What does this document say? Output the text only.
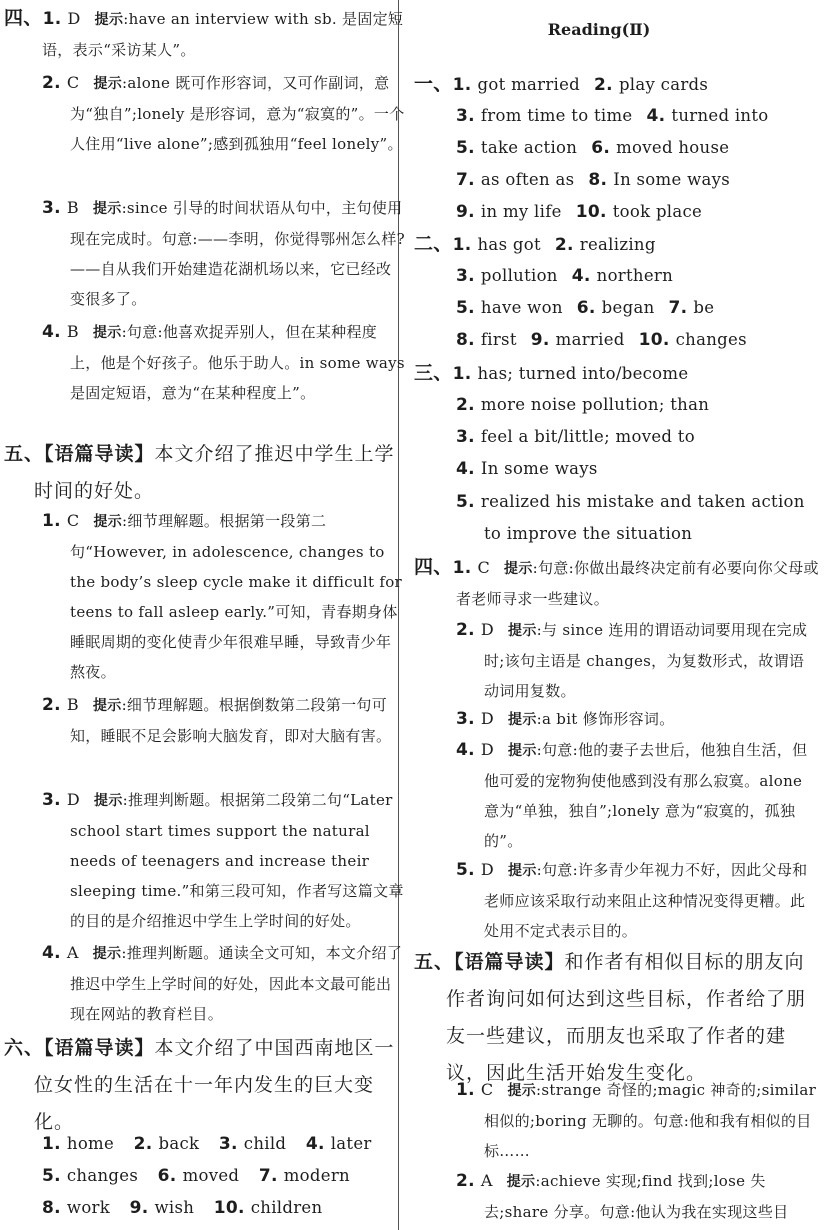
四、1. D 提示:have an interview with sb. 是固定短语，表示“采访某人”。
2. C 提示:alone 既可作形容词，又可作副词，意为“独自”;lonely 是形容词，意为“寂寞的”。一个人住用“live alone”;感到孤独用“feel lonely”。
3. B 提示:since 引导的时间状语从句中，主句使用现在完成时。句意:——李明，你觉得鄂州怎么样? ——自从我们开始建造花湖机场以来，它已经改变很多了。
4. B 提示:句意:他喜欢捉弄别人，但在某种程度上，他是个好孩子。他乐于助人。in some ways 是固定短语，意为“在某种程度上”。
五、【语篇导读】本文介绍了推迟中学生上学时间的好处。
1. C 提示:细节理解题。根据第一段第二句“However, in adolescence, changes to the body’s sleep cycle make it difficult for teens to fall asleep early.”可知，青春期身体睡眠周期的变化使青少年很难早睡，导致青少年熬夜。
2. B 提示:细节理解题。根据倒数第二段第一句可知，睡眠不足会影响大脑发育，即对大脑有害。
3. D 提示:推理判断题。根据第二段第二句“Later school start times support the natural needs of teenagers and increase their sleeping time.”和第三段可知，作者写这篇文章的目的是介绍推迟中学生上学时间的好处。
4. A 提示:推理判断题。通读全文可知，本文介绍了推迟中学生上学时间的好处，因此本文最可能出现在网站的教育栏目。
六、【语篇导读】本文介绍了中国西南地区一位女性的生活在十一年内发生的巨大变化。
1. home 2. back 3. child 4. later
5. changes 6. moved 7. modern
8. work 9. wish 10. children
Reading(Ⅱ)
一、1. got married 2. play cards
3. from time to time 4. turned into
5. take action 6. moved house
7. as often as 8. In some ways
9. in my life 10. took place
二、1. has got 2. realizing
3. pollution 4. northern
5. have won 6. began 7. be
8. first 9. married 10. changes
三、1. has; turned into/become
2. more noise pollution; than
3. feel a bit/little; moved to
4. In some ways
5. realized his mistake and taken action to improve the situation
四、1. C 提示:句意:你做出最终决定前有必要向你父母或者老师寻求一些建议。
2. D 提示:与 since 连用的谓语动词要用现在完成时;该句主语是 changes，为复数形式，故谓语动词用复数。
3. D 提示:a bit 修饰形容词。
4. D 提示:句意:他的妻子去世后，他独自生活，但他可爱的宠物狗使他感到没有那么寂寞。alone 意为“单独，独自”;lonely 意为“寂寞的，孤独的”。
5. D 提示:句意:许多青少年视力不好，因此父母和老师应该采取行动来阻止这种情况变得更糟。此处用不定式表示目的。
五、【语篇导读】和作者有相似目标的朋友向作者询问如何达到这些目标，作者给了朋友一些建议，而朋友也采取了作者的建议，因此生活开始发生变化。
1. C 提示:strange 奇怪的;magic 神奇的;similar 相似的;boring 无聊的。句意:他和我有相似的目标……
2. A 提示:achieve 实现;find 找到;lose 失去;share 分享。句意:他认为我在实现这些目
